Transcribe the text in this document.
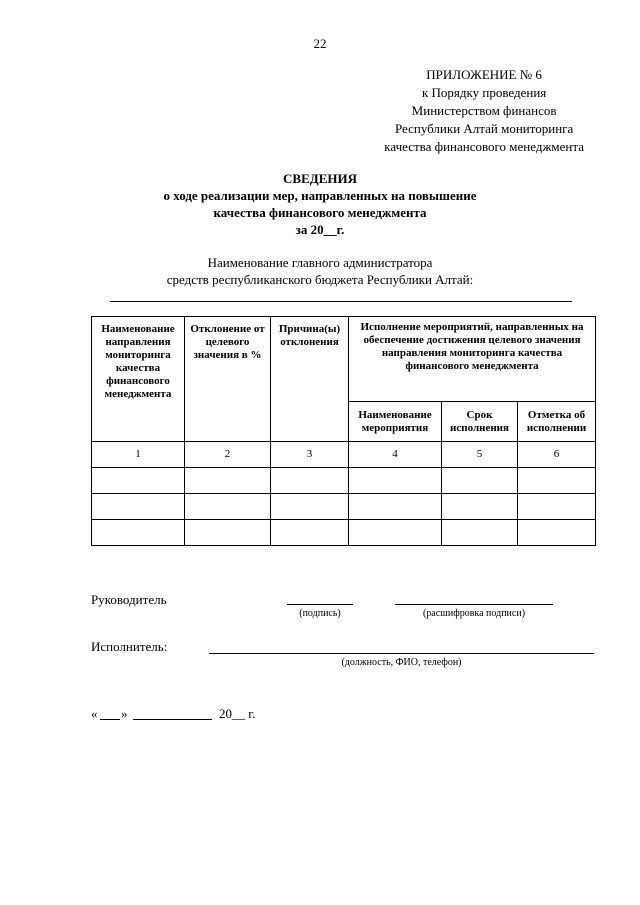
22
ПРИЛОЖЕНИЕ № 6
к Порядку проведения
Министерством финансов
Республики Алтай мониторинга
качества финансового менеджмента
СВЕДЕНИЯ
о ходе реализации мер, направленных на повышение
качества финансового менеджмента
за 20__г.
Наименование главного администратора
средств республиканского бюджета Республики Алтай:
Наименование направления мониторинга качества финансового менеджмента	Отклонение от целевого значения в %	Причина(ы) отклонения	Исполнение мероприятий, направленных на обеспечение достижения целевого значения направления мониторинга качества финансового менеджмента		
			Наименование мероприятия	Срок исполнения	Отметка об исполнении
1	2	3	4	5	6

Руководитель
(подпись)	(расшифровка подписи)
Исполнитель:
(должность, ФИО, телефон)
« »	20__ г.
